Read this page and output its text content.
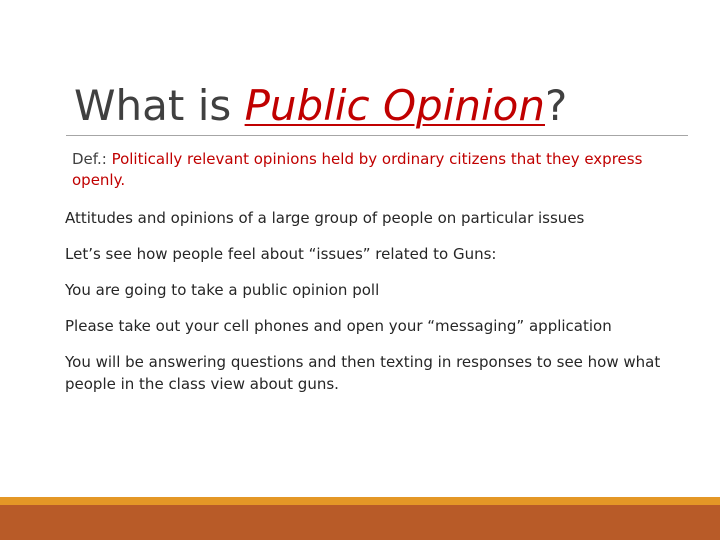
What is Public Opinion?
Def.: Politically relevant opinions held by ordinary citizens that they express openly.
Attitudes and opinions of a large group of people on particular issues
Let’s see how people feel about “issues” related to Guns:
You are going to take a public opinion poll
Please take out your cell phones and open your “messaging” application
You will be answering questions and then texting in responses to see how what people in the class view about guns.
